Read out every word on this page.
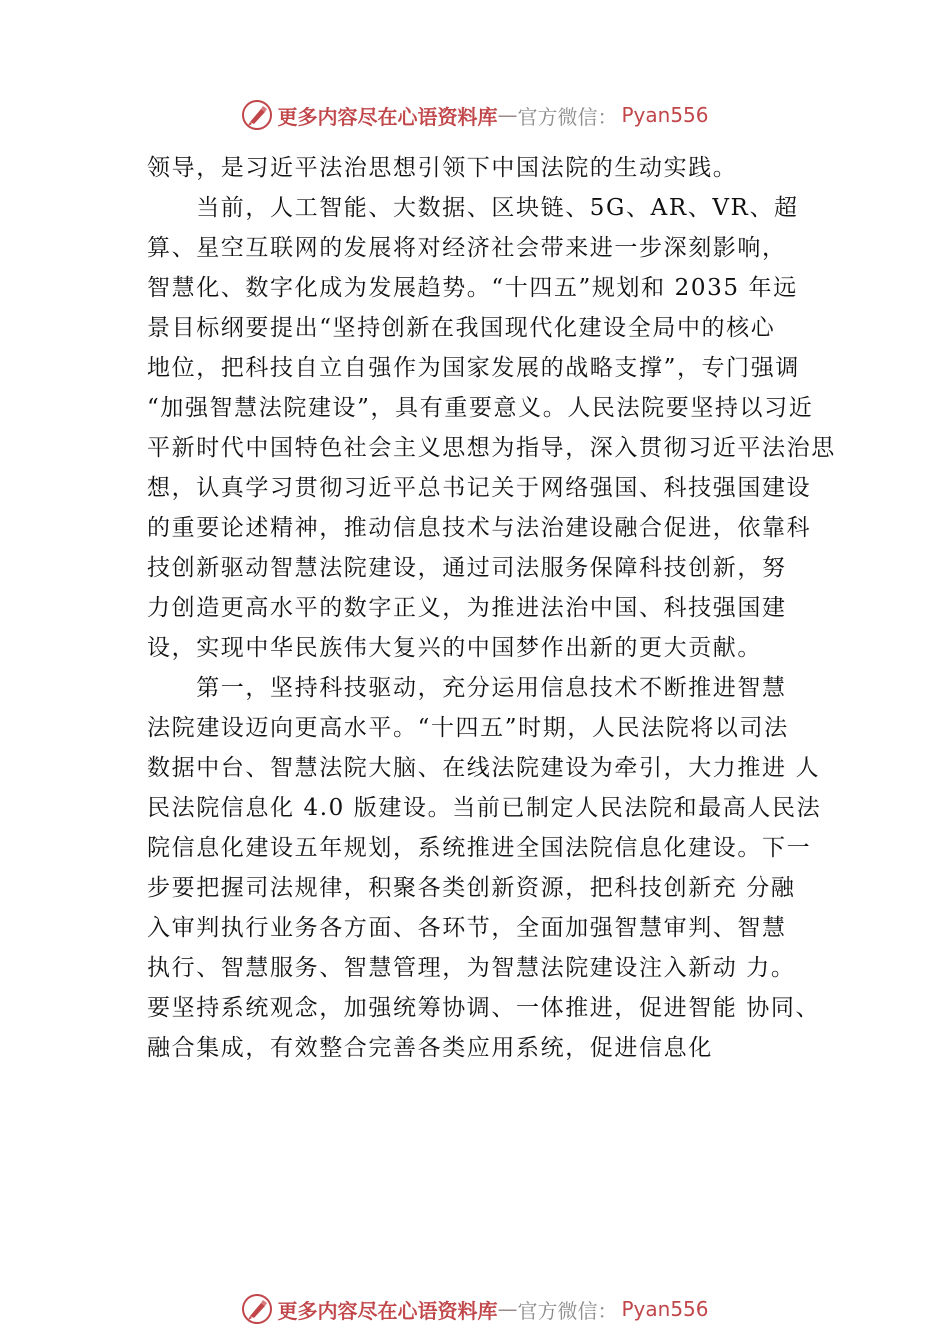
更多内容尽在心语资料库 — 官方微信： Pyan556
领导，是习近平法治思想引领下中国法院的生动实践。
　　当前，人工智能、大数据、区块链、5G、AR、VR、超
算、星空互联网的发展将对经济社会带来进一步深刻影响，
智慧化、数字化成为发展趋势。“十四五”规划和 2035 年远
景目标纲要提出“坚持创新在我国现代化建设全局中的核心
地位，把科技自立自强作为国家发展的战略支撑”，专门强调
“加强智慧法院建设”，具有重要意义。人民法院要坚持以习近
平新时代中国特色社会主义思想为指导，深入贯彻习近平法治思
想，认真学习贯彻习近平总书记关于网络强国、科技强国建设
的重要论述精神，推动信息技术与法治建设融合促进，依靠科
技创新驱动智慧法院建设，通过司法服务保障科技创新，努
力创造更高水平的数字正义，为推进法治中国、科技强国建
设，实现中华民族伟大复兴的中国梦作出新的更大贡献。
　　第一，坚持科技驱动，充分运用信息技术不断推进智慧
法院建设迈向更高水平。“十四五”时期，人民法院将以司法
数据中台、智慧法院大脑、在线法院建设为牵引，大力推进 人
民法院信息化 4.0 版建设。当前已制定人民法院和最高人民法
院信息化建设五年规划，系统推进全国法院信息化建设。下一
步要把握司法规律，积聚各类创新资源，把科技创新充 分融
入审判执行业务各方面、各环节，全面加强智慧审判、智慧
执行、智慧服务、智慧管理，为智慧法院建设注入新动 力。
要坚持系统观念，加强统筹协调、一体推进，促进智能 协同、
融合集成，有效整合完善各类应用系统，促进信息化
更多内容尽在心语资料库 — 官方微信： Pyan556
